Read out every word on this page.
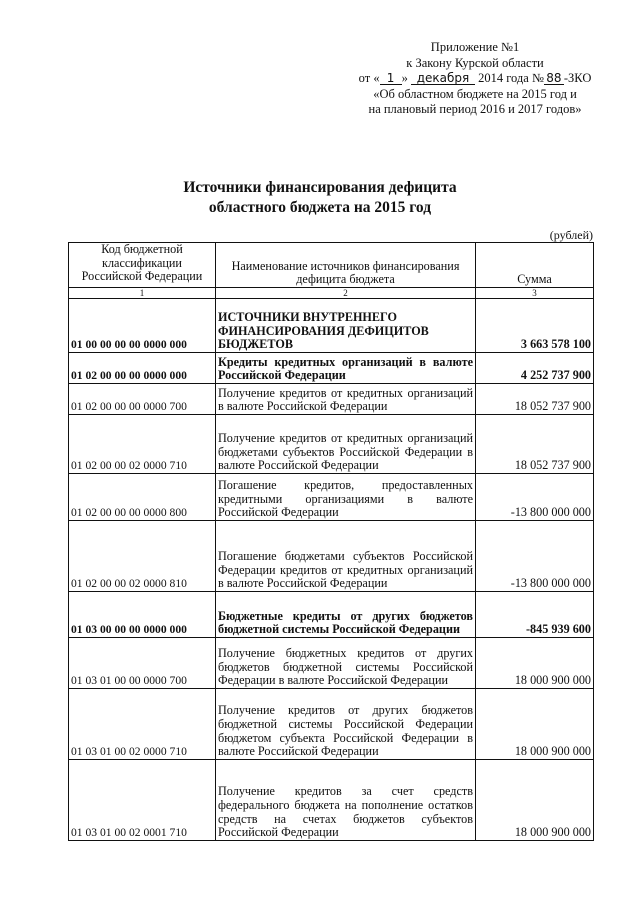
Приложение №1
к Закону Курской области
от « 1 » декабря 2014 года № 88 -ЗКО
«Об областном бюджете на 2015 год и
на плановый период 2016 и 2017 годов»
Источники финансирования дефицита
областного бюджета на 2015 год
(рублей)
Код бюджетной классификации Российской Федерации	Наименование источников финансирования дефицита бюджета	Сумма
1	2	3
01 00 00 00 00 0000 000	ИСТОЧНИКИ ВНУТРЕННЕГО ФИНАНСИРОВАНИЯ ДЕФИЦИТОВ БЮДЖЕТОВ	3 663 578 100
01 02 00 00 00 0000 000	Кредиты кредитных организаций в валюте Российской Федерации	4 252 737 900
01 02 00 00 00 0000 700	Получение кредитов от кредитных организаций в валюте Российской Федерации	18 052 737 900
01 02 00 00 02 0000 710	Получение кредитов от кредитных организаций бюджетами субъектов Российской Федерации в валюте Российской Федерации	18 052 737 900
01 02 00 00 00 0000 800	Погашение кредитов, предоставленных кредитными организациями в валюте Российской Федерации	-13 800 000 000
01 02 00 00 02 0000 810	Погашение бюджетами субъектов Российской Федерации кредитов от кредитных организаций в валюте Российской Федерации	-13 800 000 000
01 03 00 00 00 0000 000	Бюджетные кредиты от других бюджетов бюджетной системы Российской Федерации	-845 939 600
01 03 01 00 00 0000 700	Получение бюджетных кредитов от других бюджетов бюджетной системы Российской Федерации в валюте Российской Федерации	18 000 900 000
01 03 01 00 02 0000 710	Получение кредитов от других бюджетов бюджетной системы Российской Федерации бюджетом субъекта Российской Федерации в валюте Российской Федерации	18 000 900 000
01 03 01 00 02 0001 710	Получение кредитов за счет средств федерального бюджета на пополнение остатков средств на счетах бюджетов субъектов Российской Федерации	18 000 900 000
